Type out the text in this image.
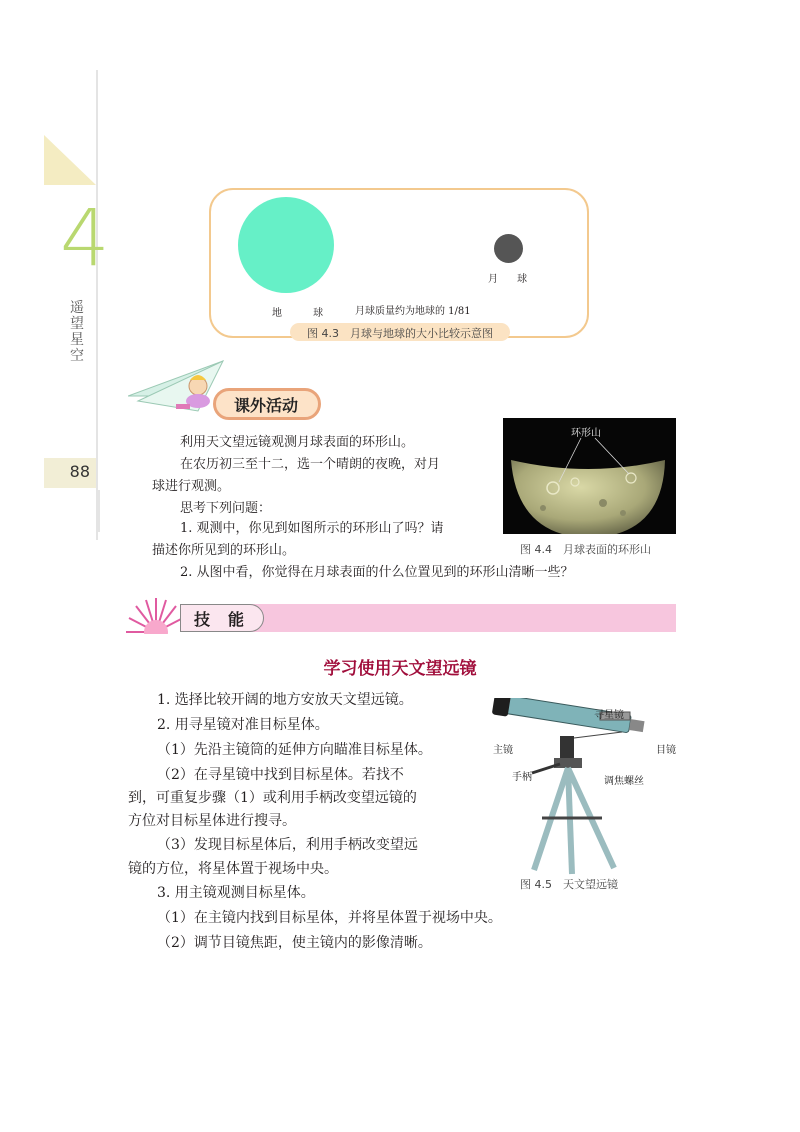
4
遥望星空
88
月 球
地 球 月球质量约为地球的 1/81
图 4.3　月球与地球的大小比较示意图
课外活动
利用天文望远镜观测月球表面的环形山。
在农历初三至十二，选一个晴朗的夜晚，对月
球进行观测。
思考下列问题：
1. 观测中，你见到如图所示的环形山了吗？请
描述你所见到的环形山。
2. 从图中看，你觉得在月球表面的什么位置见到的环形山清晰一些？
环形山
图 4.4　月球表面的环形山
技能
学习使用天文望远镜
1. 选择比较开阔的地方安放天文望远镜。
2. 用寻星镜对准目标星体。
（1）先沿主镜筒的延伸方向瞄准目标星体。
（2）在寻星镜中找到目标星体。若找不
到，可重复步骤（1）或利用手柄改变望远镜的
方位对目标星体进行搜寻。
（3）发现目标星体后，利用手柄改变望远
镜的方位，将星体置于视场中央。
3. 用主镜观测目标星体。
（1）在主镜内找到目标星体，并将星体置于视场中央。
（2）调节目镜焦距，使主镜内的影像清晰。
寻星镜
主镜	目镜
手柄	调焦螺丝
图 4.5　天文望远镜
